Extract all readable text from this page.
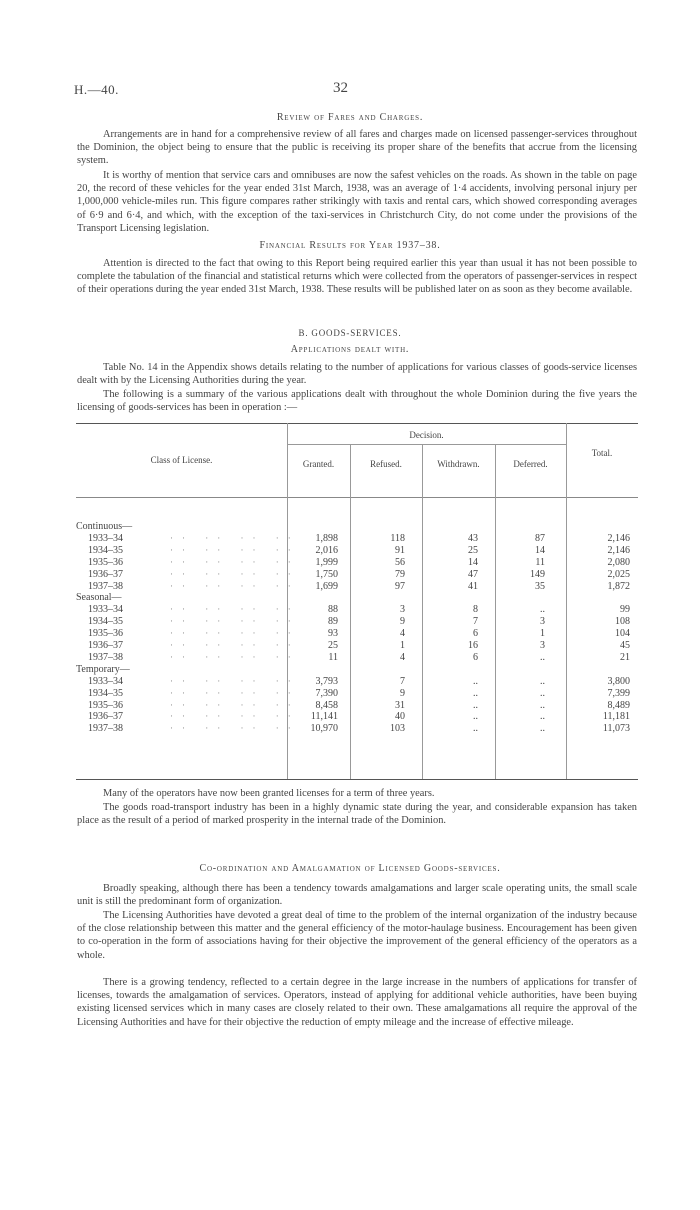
H.—40.	32
Review of Fares and Charges.

Arrangements are in hand for a comprehensive review of all fares and charges made on licensed passenger-services throughout the Dominion, the object being to ensure that the public is receiving its proper share of the benefits that accrue from the licensing system.

It is worthy of mention that service cars and omnibuses are now the safest vehicles on the roads. As shown in the table on page 20, the record of these vehicles for the year ended 31st March, 1938, was an average of 1·4 accidents, involving personal injury per 1,000,000 vehicle-miles run. This figure compares rather strikingly with taxis and rental cars, which showed corresponding averages of 6·9 and 6·4, and which, with the exception of the taxi-services in Christchurch City, do not come under the provisions of the Transport Licensing legislation.

Financial Results for Year 1937–38.

Attention is directed to the fact that owing to this Report being required earlier this year than usual it has not been possible to complete the tabulation of the financial and statistical returns which were collected from the operators of passenger-services in respect of their operations during the year ended 31st March, 1938. These results will be published later on as soon as they become available.

B. GOODS-SERVICES.
Applications dealt with.

Table No. 14 in the Appendix shows details relating to the number of applications for various classes of goods-service licenses dealt with by the Licensing Authorities during the year.

The following is a summary of the various applications dealt with throughout the whole Dominion during the five years the licensing of goods-services has been in operation :—

Class of License.
Decision.
Granted.	Refused.	Withdrawn.	Deferred.
Total.
Continuous—
1933–34	·· ·· ·· ·· 1,898	118	43	87	2,146
1934–35	·· ·· ·· ·· 2,016	91	25	14	2,146
1935–36	·· ·· ·· ·· 1,999	56	14	11	2,080
1936–37	·· ·· ·· ·· 1,750	79	47	149	2,025
1937–38	·· ·· ·· ·· 1,699	97	41	35	1,872
Seasonal—
1933–34	·· ·· ·· ··	88	3	8	..	99
1934–35	·· ·· ·· ··	89	9	7	3	108
1935–36	·· ·· ·· ··	93	4	6	1	104
1936–37	·· ·· ·· ··	25	1	16	3	45
1937–38	·· ·· ·· ··	11	4	6	..	21
Temporary—
1933–34	·· ·· ·· ·· 3,793	7	..	..	3,800
1934–35	·· ·· ·· ·· 7,390	9	..	..	7,399
1935–36	·· ·· ·· ·· 8,458	31	..	..	8,489
1936–37	·· ·· ·· ·· 11,141	40	..	..	11,181
1937–38	·· ·· ·· ·· 10,970	103	..	..	11,073

Many of the operators have now been granted licenses for a term of three years.

The goods road-transport industry has been in a highly dynamic state during the year, and considerable expansion has taken place as the result of a period of marked prosperity in the internal trade of the Dominion.

Co-ordination and Amalgamation of Licensed Goods-services.

Broadly speaking, although there has been a tendency towards amalgamations and larger scale operating units, the small scale unit is still the predominant form of organization.

The Licensing Authorities have devoted a great deal of time to the problem of the internal organization of the industry because of the close relationship between this matter and the general efficiency of the motor-haulage business. Encouragement has been given to co-operation in the form of associations having for their objective the improvement of the general efficiency of the operators as a whole.

There is a growing tendency, reflected to a certain degree in the large increase in the numbers of applications for transfer of licenses, towards the amalgamation of services. Operators, instead of applying for additional vehicle authorities, have been buying existing licensed services which in many cases are closely related to their own. These amalgamations all require the approval of the Licensing Authorities and have for their objective the reduction of empty mileage and the increase of effective mileage.
